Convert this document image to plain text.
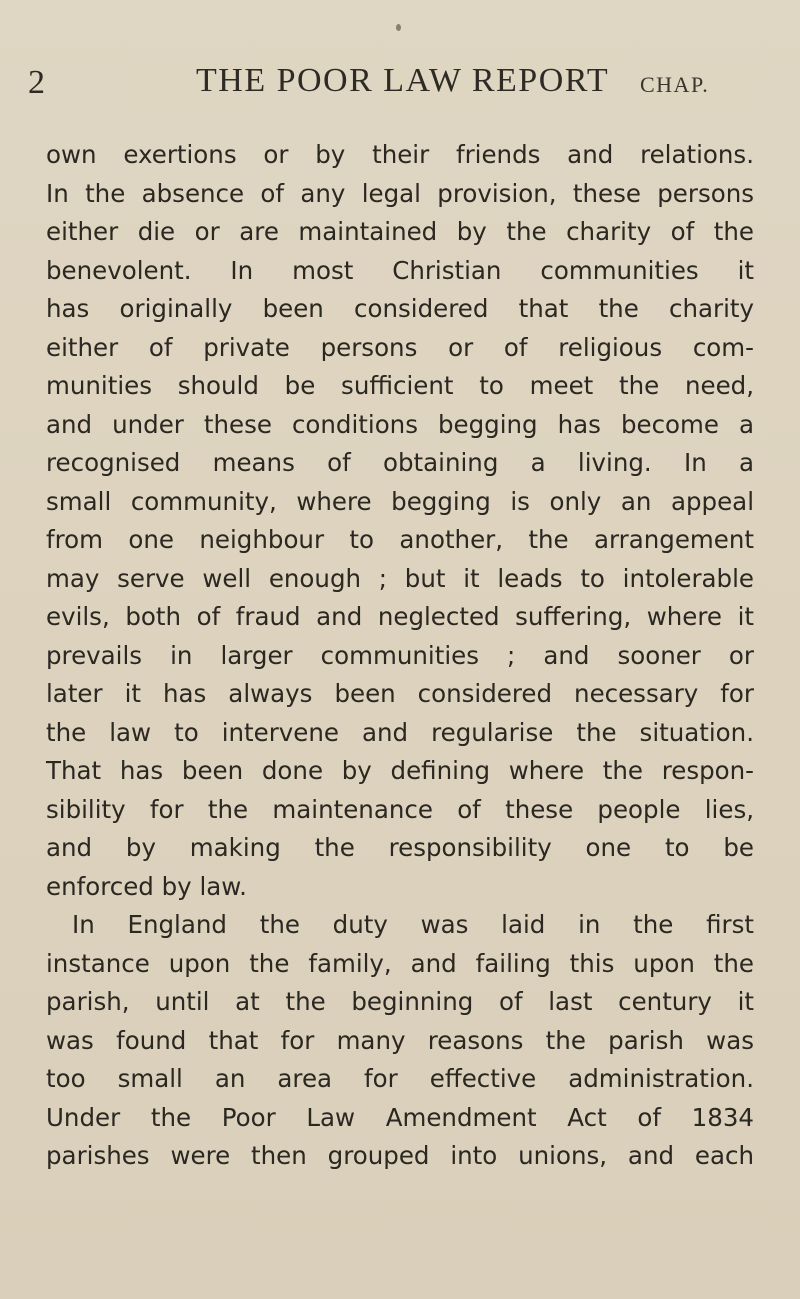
2	THE POOR LAW REPORT CHAP.
own exertions or by their friends and relations.
In the absence of any legal provision, these persons
either die or are maintained by the charity of the
benevolent. In most Christian communities it
has originally been considered that the charity
either of private persons or of religious com-
munities should be sufficient to meet the need,
and under these conditions begging has become a
recognised means of obtaining a living. In a
small community, where begging is only an appeal
from one neighbour to another, the arrangement
may serve well enough ; but it leads to intolerable
evils, both of fraud and neglected suffering, where it
prevails in larger communities ; and sooner or
later it has always been considered necessary for
the law to intervene and regularise the situation.
That has been done by defining where the respon-
sibility for the maintenance of these people lies,
and by making the responsibility one to be
enforced by law.
In England the duty was laid in the first
instance upon the family, and failing this upon the
parish, until at the beginning of last century it
was found that for many reasons the parish was
too small an area for effective administration.
Under the Poor Law Amendment Act of 1834
parishes were then grouped into unions, and each
